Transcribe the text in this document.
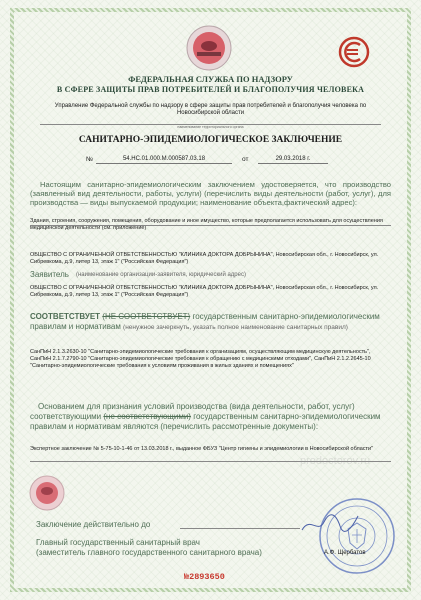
ФЕДЕРАЛЬНАЯ СЛУЖБА ПО НАДЗОРУ
В СФЕРЕ ЗАЩИТЫ ПРАВ ПОТРЕБИТЕЛЕЙ И БЛАГОПОЛУЧИЯ ЧЕЛОВЕКА
Управление Федеральной службы по надзору в сфере защиты прав потребителей и благополучия человека по Новосибирской области
наименование территориального органа
САНИТАРНО-ЭПИДЕМИОЛОГИЧЕСКОЕ ЗАКЛЮЧЕНИЕ
№	54.НС.01.000.М.000587.03.18	от	29.03.2018 г.
Настоящим санитарно-эпидемиологическим заключением удостоверяется, что производство (заявленный вид деятельности, работы, услуги) (перечислить виды деятельности (работ, услуг), для производства — виды выпускаемой продукции; наименование объекта,фактический адрес):
Здания, строения, сооружения, помещения, оборудование и иное имущество, которые предполагается использовать для осуществления медицинской деятельности (см. приложение)
ОБЩЕСТВО С ОГРАНИЧЕННОЙ ОТВЕТСТВЕННОСТЬЮ "КЛИНИКА ДОКТОРА ДОБРЫНИНА", Новосибирская обл., г. Новосибирск, ул. Сибревкома, д.9, литер 13, этаж 1" ("Российская Федерация")
Заявитель (наименование организации-заявителя, юридический адрес)
ОБЩЕСТВО С ОГРАНИЧЕННОЙ ОТВЕТСТВЕННОСТЬЮ "КЛИНИКА ДОКТОРА ДОБРЫНИНА", Новосибирская обл., г. Новосибирск, ул. Сибревкома, д.9, литер 13, этаж 1" ("Российская Федерация")
СООТВЕТСТВУЕТ (НЕ СООТВЕТСТВУЕТ) государственным санитарно-эпидемиологическим правилам и нормативам (ненужное зачеркнуть, указать полное наименование санитарных правил)
СанПиН 2.1.3.2630-10 "Санитарно-эпидемиологические требования к организациям, осуществляющим медицинскую деятельность", СанПиН 2.1.7.2790-10 "Санитарно-эпидемиологические требования к обращению с медицинскими отходами", СанПиН 2.1.2.2645-10 "Санитарно-эпидемиологические требования к условиям проживания в жилых зданиях и помещениях"
Основанием для признания условий производства (вида деятельности, работ, услуг) соответствующими (не соответствующими) государственным санитарно-эпидемиологическим правилам и нормативам являются (перечислить рассмотренные документы):
Экспертное заключение № 5-75-10-1-46 от 13.03.2018 г., выданное ФБУЗ "Центр гигиены и эпидемиологии в Новосибирской области"
Заключение действительно до
Главный государственный санитарный врач
(заместитель главного государственного санитарного врача)	А.Ф. Щербатов
№2893650
prodoctorov.ru
